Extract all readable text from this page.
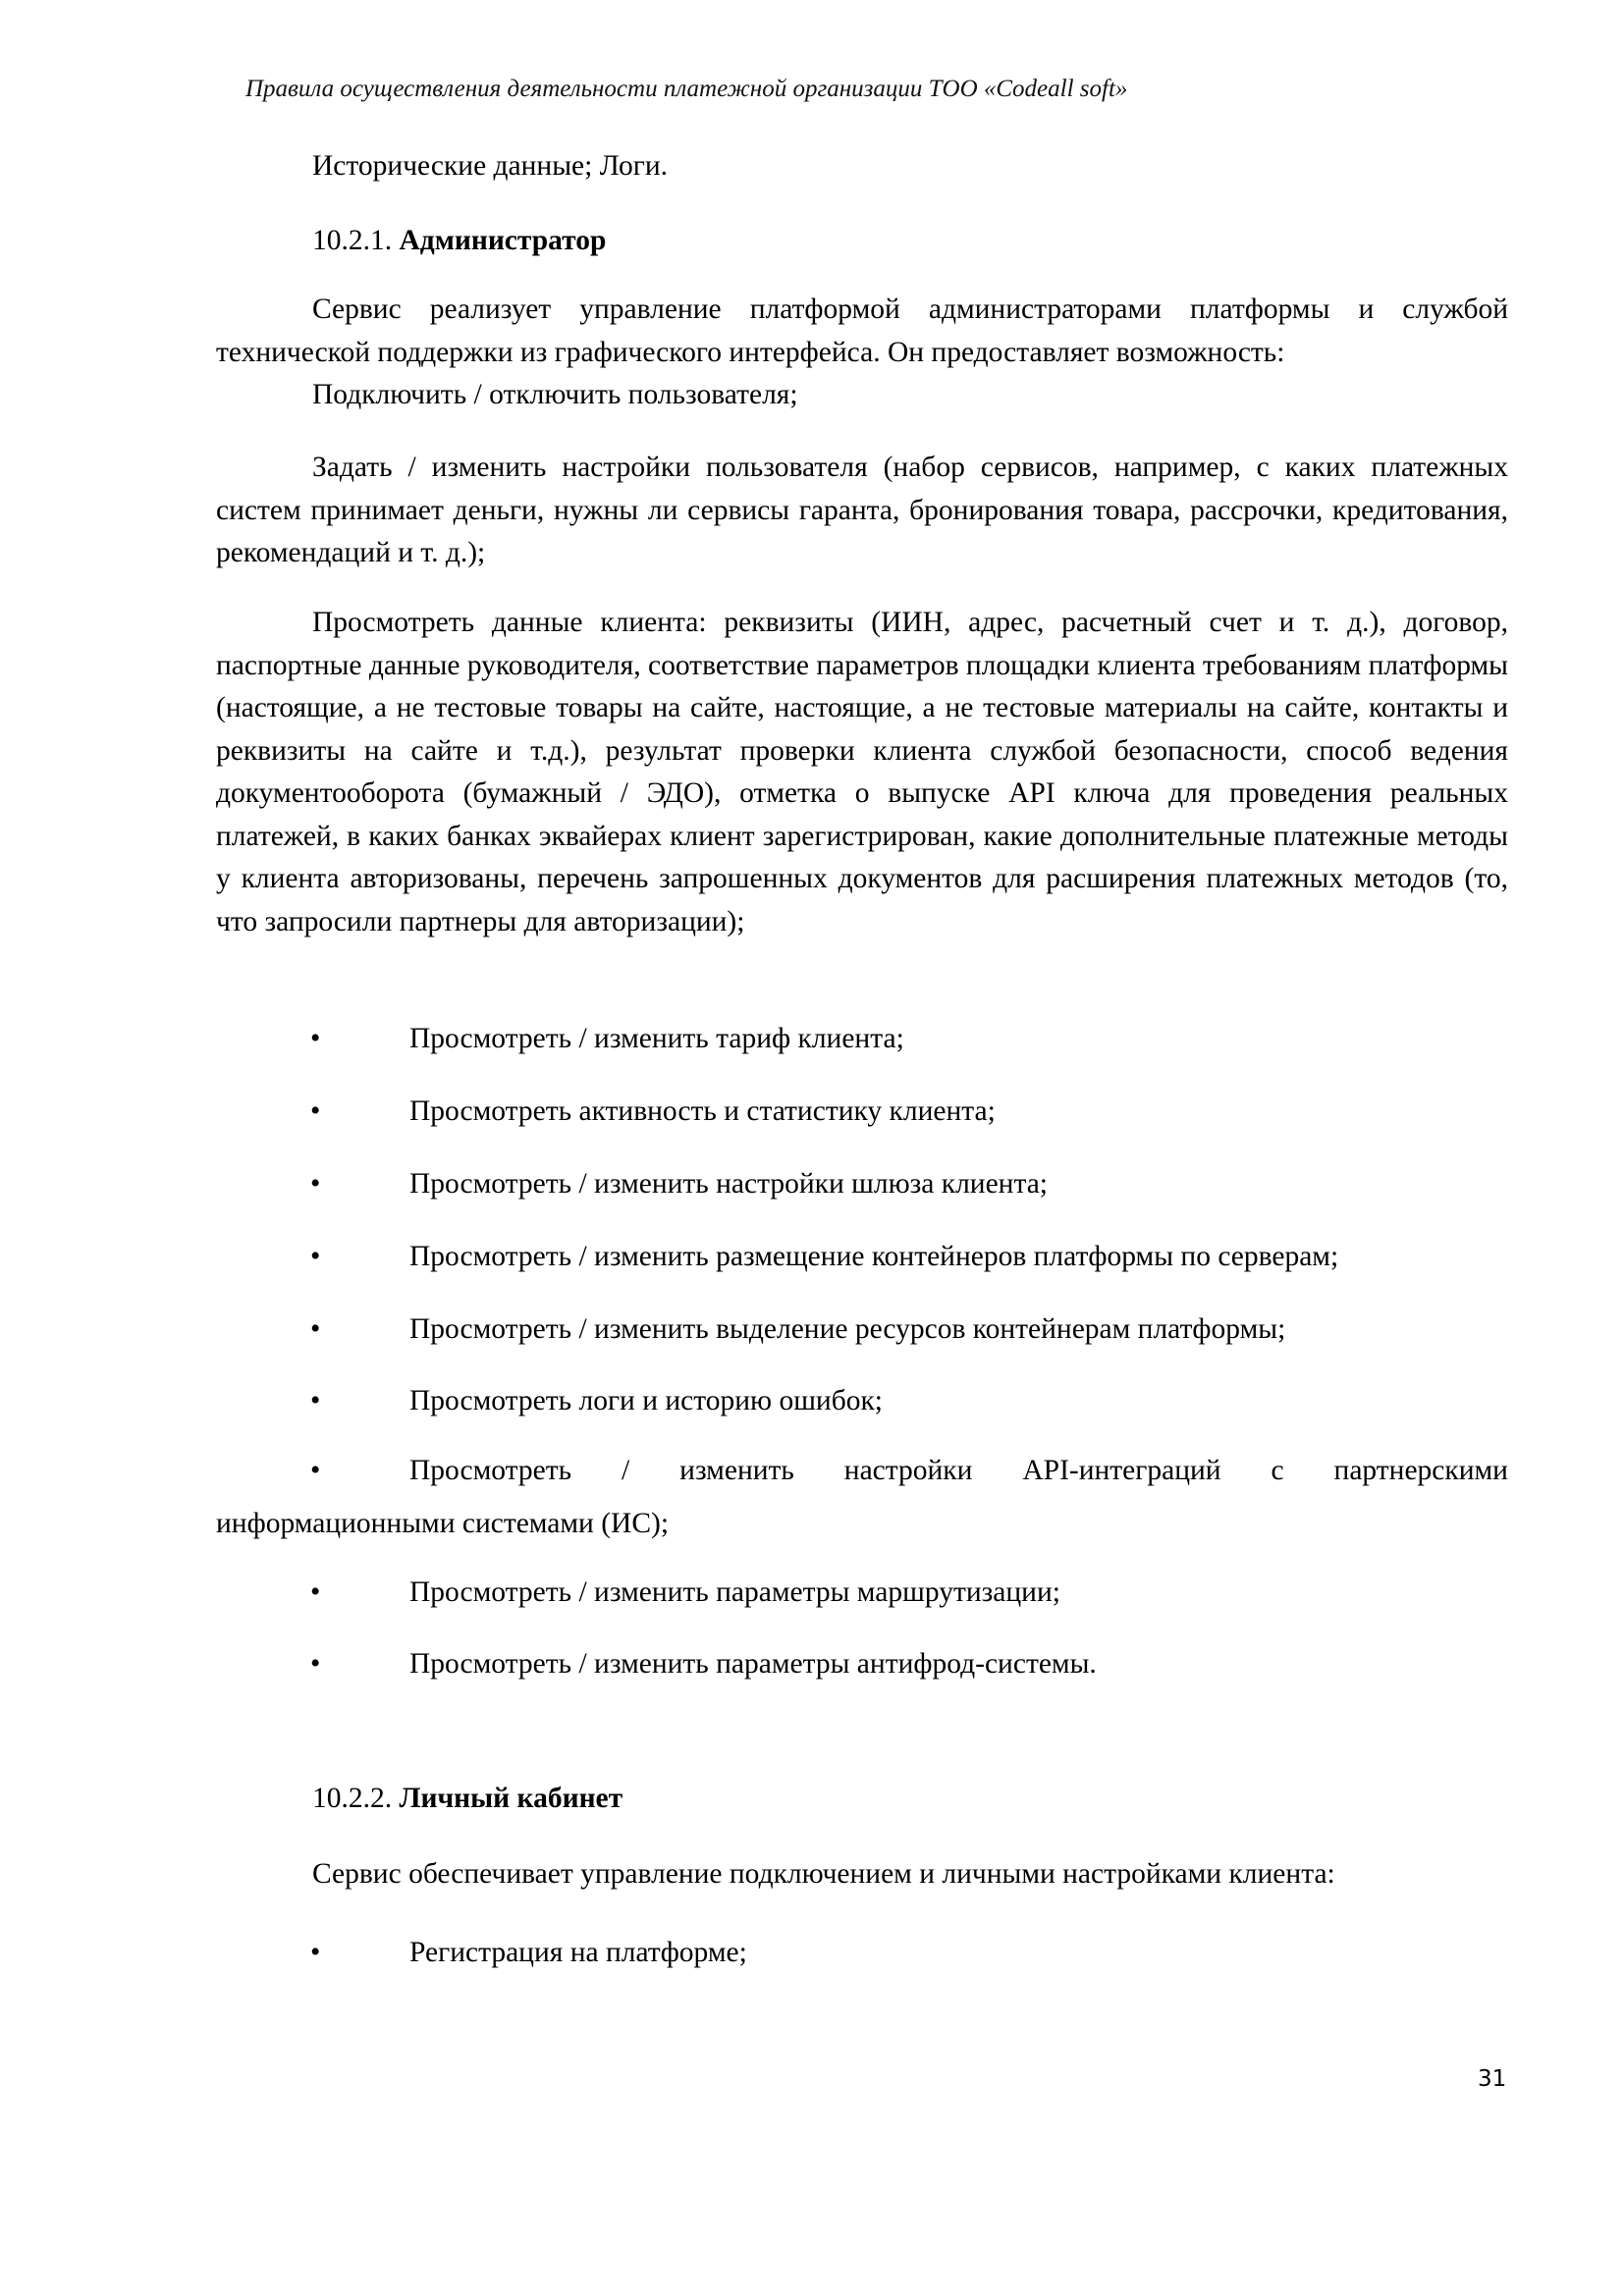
Правила осуществления деятельности платежной организации ТОО «Codeall soft»
Исторические данные; Логи.
10.2.1. Администратор
Сервис реализует управление платформой администраторами платформы и службой технической поддержки из графического интерфейса. Он предоставляет возможность:
Подключить / отключить пользователя;
Задать / изменить настройки пользователя (набор сервисов, например, с каких платежных систем принимает деньги, нужны ли сервисы гаранта, бронирования товара, рассрочки, кредитования, рекомендаций и т. д.);
Просмотреть данные клиента: реквизиты (ИИН, адрес, расчетный счет и т. д.), договор, паспортные данные руководителя, соответствие параметров площадки клиента требованиям платформы (настоящие, а не тестовые товары на сайте, настоящие, а не тестовые материалы на сайте, контакты и реквизиты на сайте и т.д.), результат проверки клиента службой безопасности, способ ведения документооборота (бумажный / ЭДО), отметка о выпуске API ключа для проведения реальных платежей, в каких банках эквайерах клиент зарегистрирован, какие дополнительные платежные методы у клиента авторизованы, перечень запрошенных документов для расширения платежных методов (то, что запросили партнеры для авторизации);
•	Просмотреть / изменить тариф клиента;
•	Просмотреть активность и статистику клиента;
•	Просмотреть / изменить настройки шлюза клиента;
•	Просмотреть / изменить размещение контейнеров платформы по серверам;
•	Просмотреть / изменить выделение ресурсов контейнерам платформы;
•	Просмотреть логи и историю ошибок;
•	Просмотреть / изменить настройки API-интеграций с партнерскими
информационными системами (ИС);
•	Просмотреть / изменить параметры маршрутизации;
•	Просмотреть / изменить параметры антифрод-системы.
10.2.2. Личный кабинет
Сервис обеспечивает управление подключением и личными настройками клиента:
•	Регистрация на платформе;
31
